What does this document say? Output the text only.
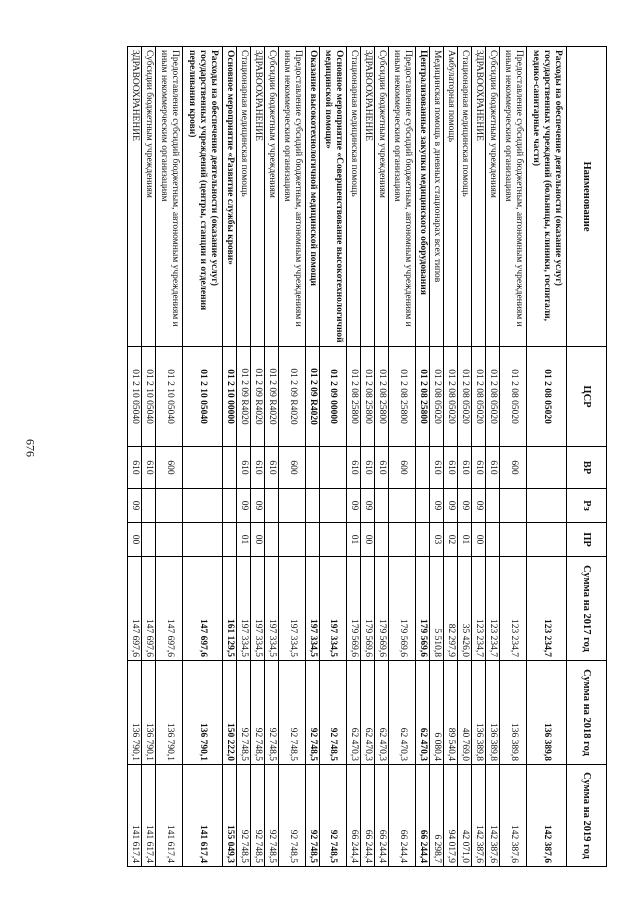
676
Наименование	ЦСР	ВР	Рз	ПР	Сумма на 2017 год	Сумма на 2018 год	Сумма на 2019 год
Расходы на обеспечение деятельности (оказание услуг) государственных учреждений (больницы, клиники, госпитали, медико-санитарные части)	01 2 08 05020				123 234,7	136 389,8	142 387,6
Предоставление субсидий бюджетным, автономным учреждениям и иным некоммерческим организациям	01 2 08 05020	600			123 234,7	136 389,8	142 387,6
Субсидии бюджетным учреждениям	01 2 08 05020	610			123 234,7	136 389,8	142 387,6
ЗДРАВООХРАНЕНИЕ	01 2 08 05020	610	09	00	123 234,7	136 389,8	142 387,6
Стационарная медицинская помощь	01 2 08 05020	610	09	01	35 426,0	40 769,0	42 071,0
Амбулаторная помощь	01 2 08 05020	610	09	02	82 297,9	89 540,4	94 017,9
Медицинская помощь в дневных стационарах всех типов	01 2 08 05020	610	09	03	5 510,8	6 080,4	6 298,7
Централизованные закупки медицинского оборудования	01 2 08 25800				179 569,6	62 470,3	66 244,4
Предоставление субсидий бюджетным, автономным учреждениям и иным некоммерческим организациям	01 2 08 25800	600			179 569,6	62 470,3	66 244,4
Субсидии бюджетным учреждениям	01 2 08 25800	610			179 569,6	62 470,3	66 244,4
ЗДРАВООХРАНЕНИЕ	01 2 08 25800	610	09	00	179 569,6	62 470,3	66 244,4
Стационарная медицинская помощь	01 2 08 25800	610	09	01	179 569,6	62 470,3	66 244,4
Основное мероприятие «Совершенствование высокотехнологичной медицинской помощи»	01 2 09 00000				197 334,5	92 748,5	92 748,5
Оказание высокотехнологичной медицинской помощи	01 2 09 R4020				197 334,5	92 748,5	92 748,5
Предоставление субсидий бюджетным, автономным учреждениям и иным некоммерческим организациям	01 2 09 R4020	600			197 334,5	92 748,5	92 748,5
Субсидии бюджетным учреждениям	01 2 09 R4020	610			197 334,5	92 748,5	92 748,5
ЗДРАВООХРАНЕНИЕ	01 2 09 R4020	610	09	00	197 334,5	92 748,5	92 748,5
Стационарная медицинская помощь	01 2 09 R4020	610	09	01	197 334,5	92 748,5	92 748,5
Основное мероприятие «Развитие службы крови»	01 2 10 00000				161 129,5	150 222,0	155 049,3
Расходы на обеспечение деятельности (оказание услуг) государственных учреждений (центры, станции и отделения переливания крови)	01 2 10 05040				147 697,6	136 790,1	141 617,4
Предоставление субсидий бюджетным, автономным учреждениям и иным некоммерческим организациям	01 2 10 05040	600			147 697,6	136 790,1	141 617,4
Субсидии бюджетным учреждениям	01 2 10 05040	610			147 697,6	136 790,1	141 617,4
ЗДРАВООХРАНЕНИЕ	01 2 10 05040	610	09	00	147 697,6	136 790,1	141 617,4
